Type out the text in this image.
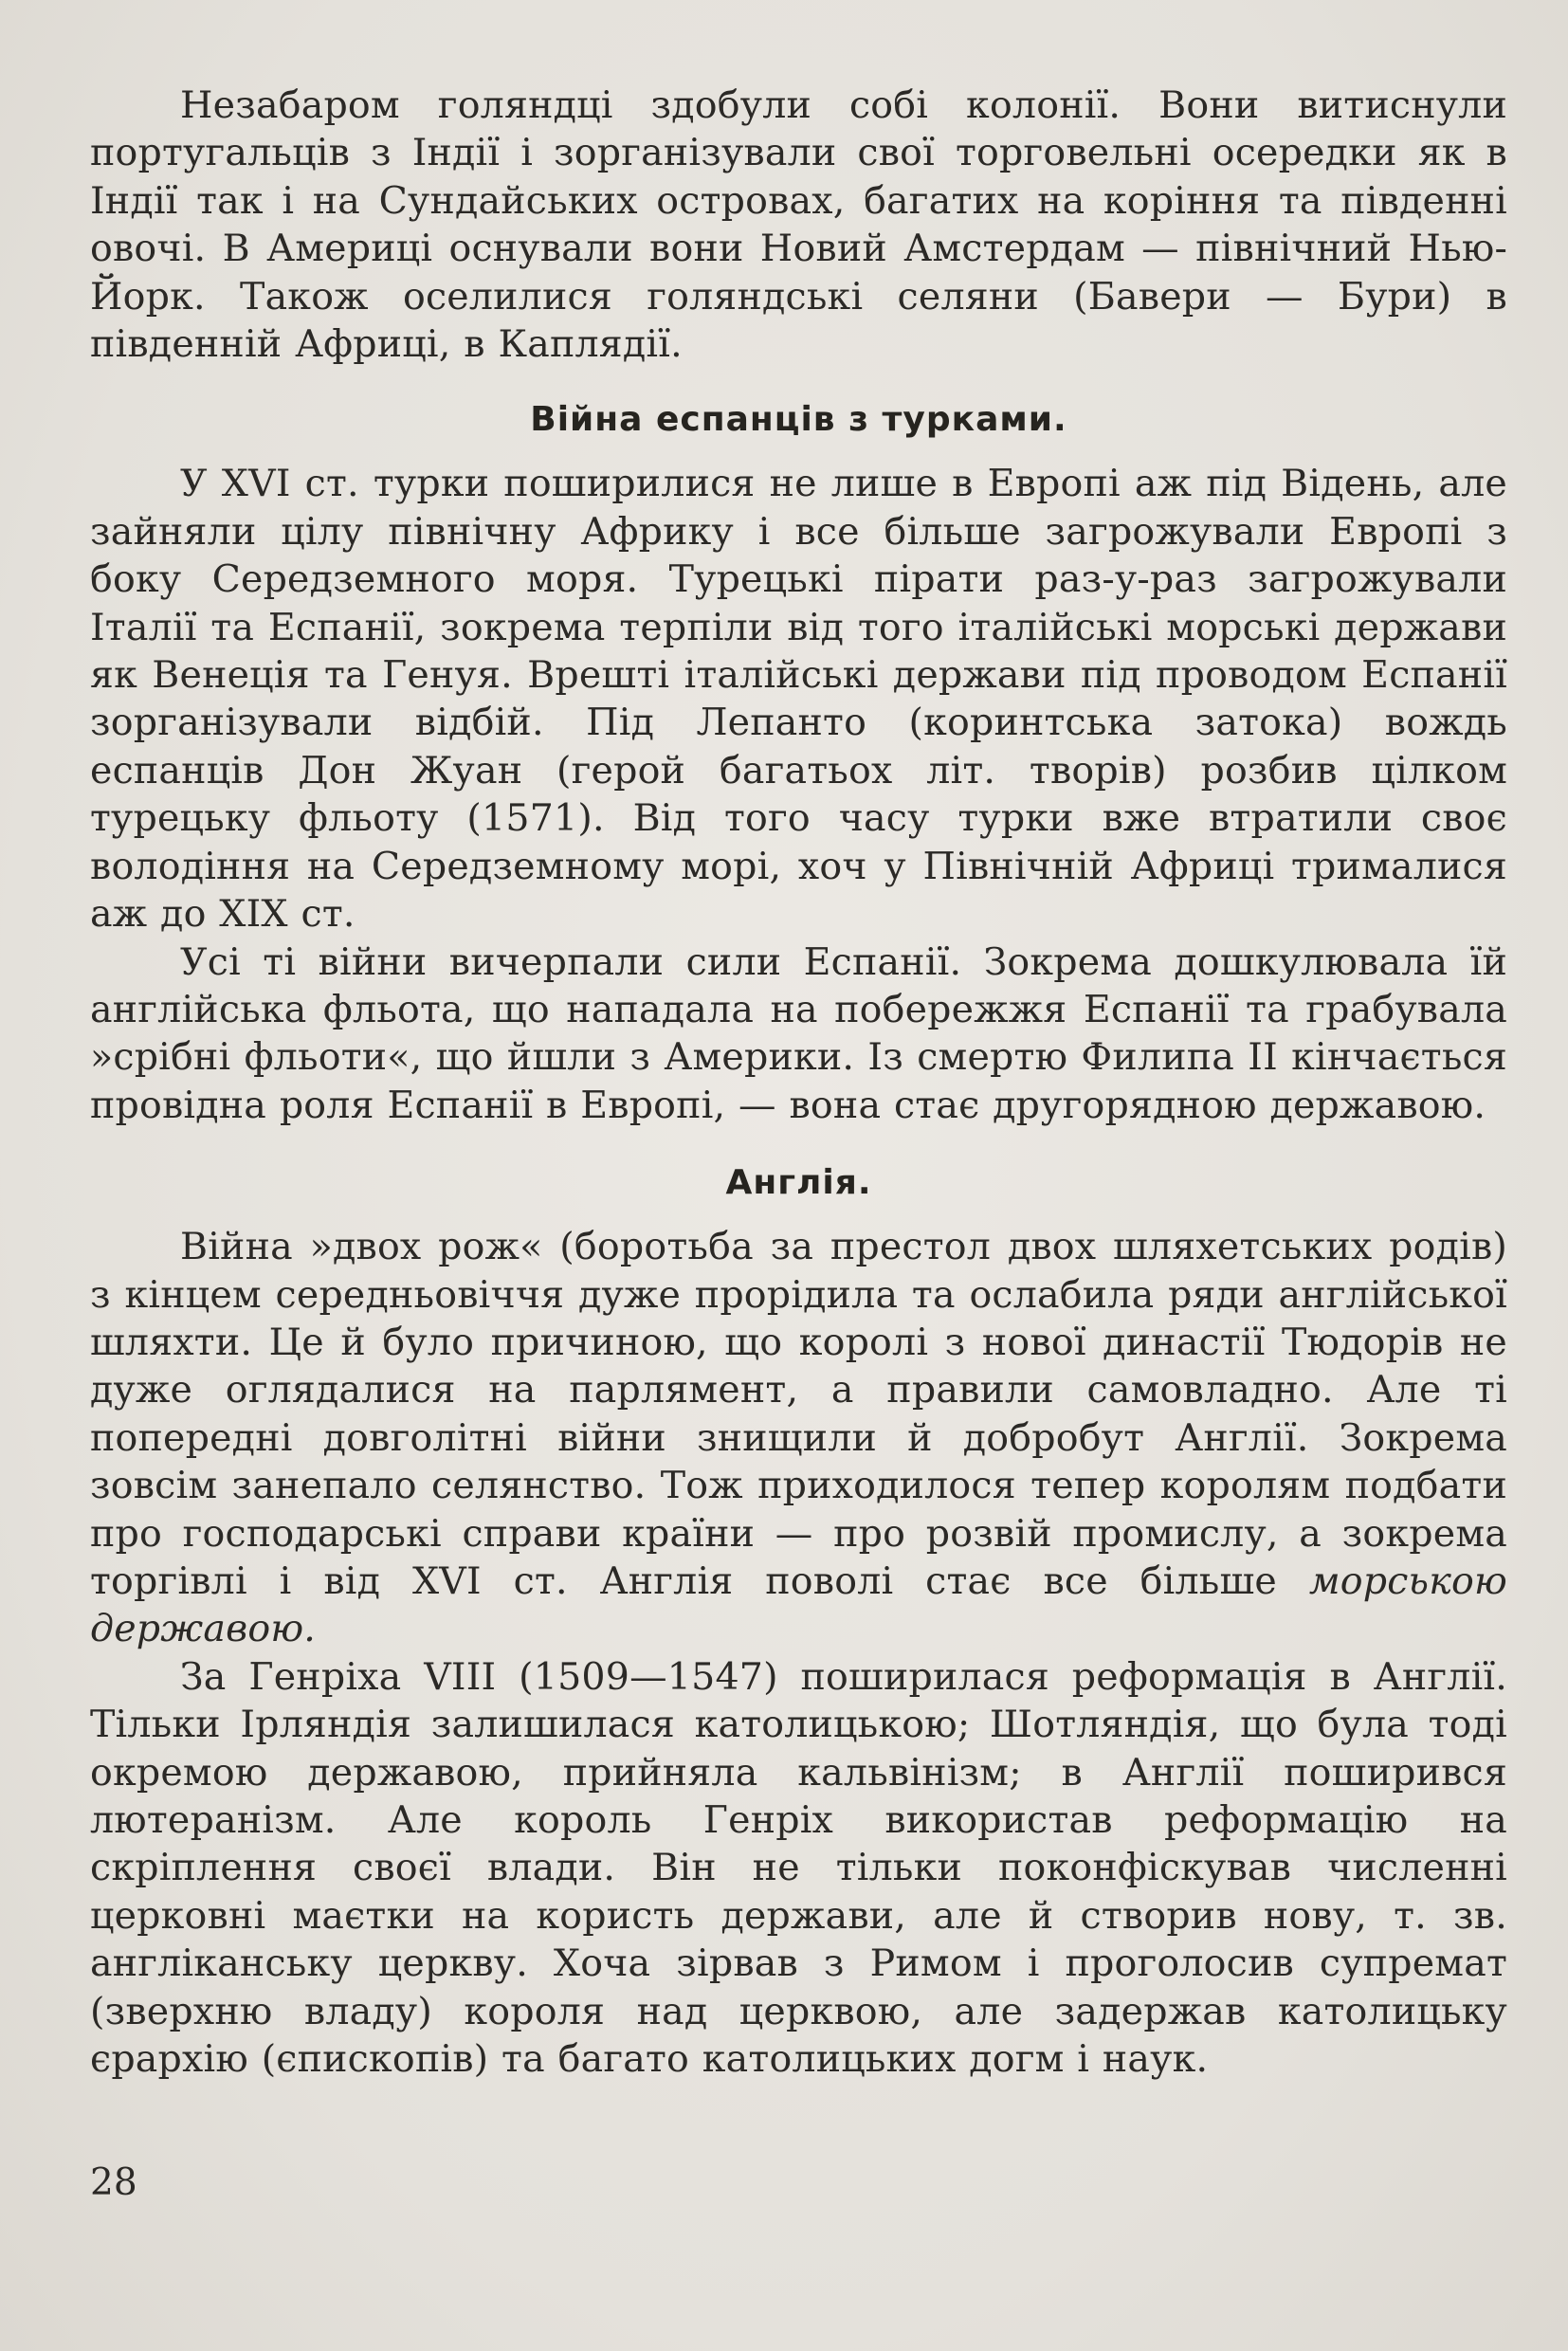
Незабаром голяндці здобули собі колонії. Вони витиснули португальців з Індії і зорганізували свої торговельні осередки як в Індії так і на Сундайських островах, багатих на коріння та південні овочі. В Америці оснували вони Новий Амстердам — північний Нью-Йорк. Також оселилися голяндські селяни (Бавери — Бури) в південній Африці, в Каплядії.

Війна еспанців з турками.

У XVI ст. турки поширилися не лише в Европі аж під Відень, але зайняли цілу північну Африку і все більше загрожували Европі з боку Середземного моря. Турецькі пірати раз-у-раз загрожували Італії та Еспанії, зокрема терпіли від того італійські морські держави як Венеція та Генуя. Врешті італійські держави під проводом Еспанії зорганізували відбій. Під Лепанто (коринтська затока) вождь еспанців Дон Жуан (герой багатьох літ. творів) розбив цілком турецьку фльоту (1571). Від того часу турки вже втратили своє володіння на Середземному морі, хоч у Північній Африці трималися аж до XIX ст.

Усі ті війни вичерпали сили Еспанії. Зокрема дошкулювала їй англійська фльота, що нападала на побережжя Еспанії та грабувала »срібні фльоти«, що йшли з Америки. Із смертю Филипа II кінчається провідна роля Еспанії в Европі, — вона стає другорядною державою.

Англія.

Війна »двох рож« (боротьба за престол двох шляхетських родів) з кінцем середньовіччя дуже прорідила та ослабила ряди англійської шляхти. Це й було причиною, що королі з нової династії Тюдорів не дуже оглядалися на парлямент, а правили самовладно. Але ті попередні довголітні війни знищили й добробут Англії. Зокрема зовсім занепало селянство. Тож приходилося тепер королям подбати про господарські справи країни — про розвій промислу, а зокрема торгівлі і від XVI ст. Англія поволі стає все більше морською державою.

За Генріха VIII (1509—1547) поширилася реформація в Англії. Тільки Ірляндія залишилася католицькою; Шотляндія, що була тоді окремою державою, прийняла кальвінізм; в Англії поширився лютеранізм. Але король Генріх використав реформацію на скріплення своєї влади. Він не тільки поконфіскував численні церковні маєтки на користь держави, але й створив нову, т. зв. англіканську церкву. Хоча зірвав з Римом і проголосив супремат (зверхню владу) короля над церквою, але задержав католицьку єрархію (єпископів) та багато католицьких догм і наук.

28
